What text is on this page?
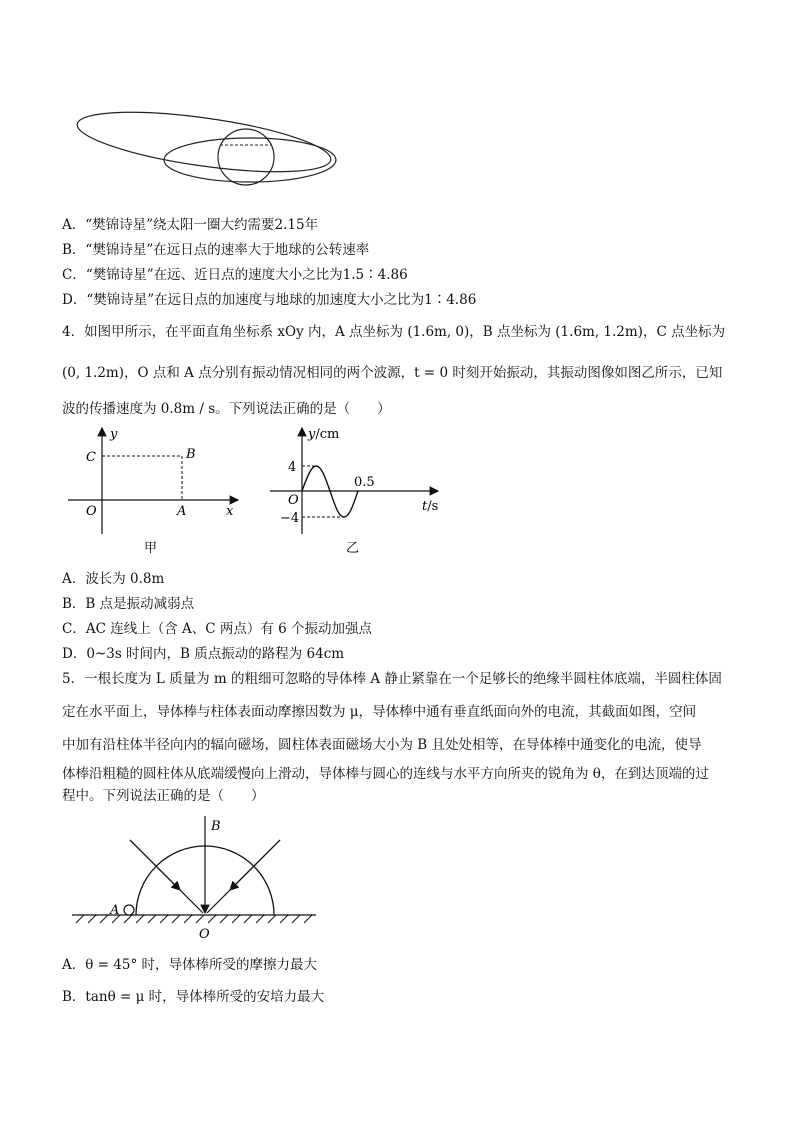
A．“樊锦诗星”绕太阳一圈大约需要2.15年
B．“樊锦诗星”在远日点的速率大于地球的公转速率
C．“樊锦诗星”在远、近日点的速度大小之比为1.5∶4.86
D．“樊锦诗星”在远日点的加速度与地球的加速度大小之比为1∶4.86
4．如图甲所示，在平面直角坐标系 xOy 内，A 点坐标为 (1.6m, 0)，B 点坐标为 (1.6m, 1.2m)，C 点坐标为
(0, 1.2m)，O 点和 A 点分别有振动情况相同的两个波源，t = 0 时刻开始振动，其振动图像如图乙所示，已知
波的传播速度为 0.8m / s。下列说法正确的是（　　）
y
C	B
O	A	x
甲
y/cm
4
−4
O
0.5
t/s
乙
A．波长为 0.8m
B．B 点是振动减弱点
C．AC 连线上（含 A、C 两点）有 6 个振动加强点
D．0~3s 时间内，B 质点振动的路程为 64cm
5．一根长度为 L 质量为 m 的粗细可忽略的导体棒 A 静止紧靠在一个足够长的绝缘半圆柱体底端，半圆柱体固
定在水平面上，导体棒与柱体表面动摩擦因数为 μ，导体棒中通有垂直纸面向外的电流，其截面如图，空间
中加有沿柱体半径向内的辐向磁场，圆柱体表面磁场大小为 B 且处处相等，在导体棒中通变化的电流，使导
体棒沿粗糙的圆柱体从底端缓慢向上滑动，导体棒与圆心的连线与水平方向所夹的锐角为 θ，在到达顶端的过
程中。下列说法正确的是（　　）
B
A
O
A．θ = 45° 时，导体棒所受的摩擦力最大
B．tanθ = μ 时，导体棒所受的安培力最大
